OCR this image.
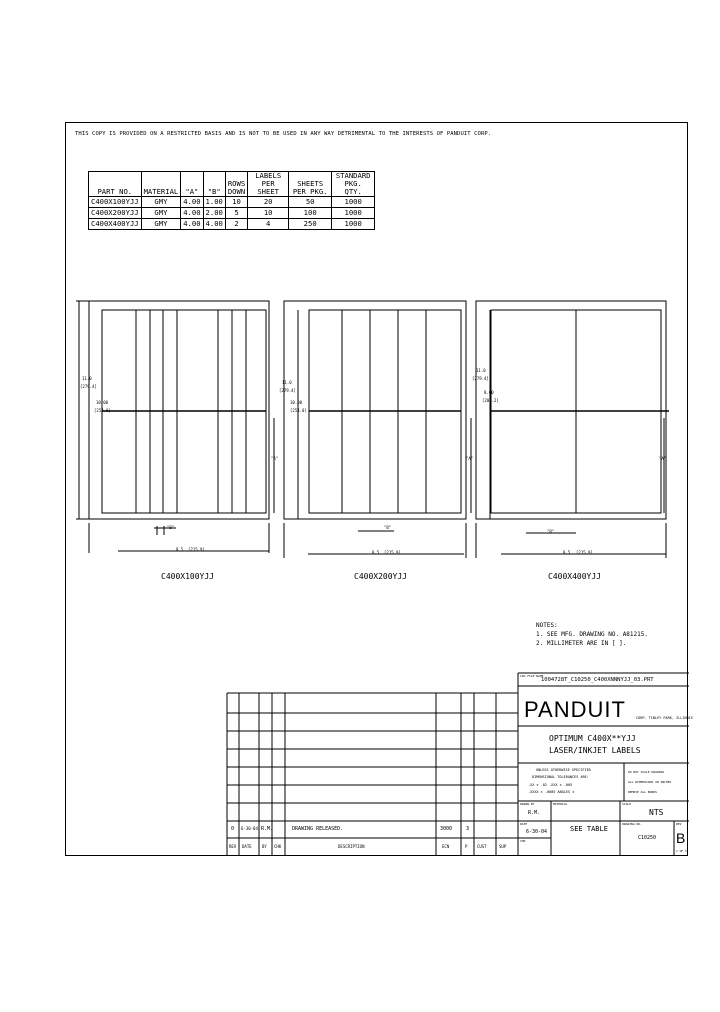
THIS COPY IS PROVIDED ON A RESTRICTED BASIS AND IS NOT TO BE USED IN ANY WAY DETRIMENTAL TO THE INTERESTS OF PANDUIT CORP.
PART NO.	MATERIAL	"A"	"B"	ROWS DOWN	LABELS PER SHEET	SHEETS PER PKG.	STANDARD PKG. QTY.
C400X100YJJ	GMY	4.00	1.00	10	20	50	1000
C400X200YJJ	GMY	4.00	2.00	5	10	100	1000
C400X400YJJ	GMY	4.00	4.00	2	4	250	1000
11.0
[279.4]
10.00
[254.0]
"A"
"B"
8.5 [215.9]
C400X100YJJ
11.0
[279.4]
10.00
[254.0]
"A"
"B"
8.5 [215.9]
C400X200YJJ
11.0
[279.4]
8.00
[203.2]
"A"
"B"
8.5 [215.9]
C400X400YJJ
NOTES:
1. SEE MFG. DRAWING NO. A81215.
2. MILLIMETER ARE IN [ ].
CAD FILE NAME
1004728T_C10250_C400XNNNYJJ_03.PRT
PANDUIT	CORP. TINLEY PARK, ILLINOIS
OPTIMUM C400X**YJJ
LASER/INKJET LABELS
UNLESS OTHERWISE SPECIFIED
DIMENSIONAL TOLERANCES ARE:
.XX ± .02 .XXX ± .005
.XXXX ± .0005 ANGLES ±
DO NOT SCALE DRAWING
ALL DIMENSIONS IN INCHES
REMOVE ALL BURRS
DRAWN BY
R.M.
MATERIAL	SCALE
NTS
DATE
6-30-04	SEE TABLE
CHK
DRAWING NO.
C10250
REV
B
1 OF 1
0 6-30-04 R.M.	DRAWING RELEASED.	3000	3
REV DATE	BY CHK	DESCRIPTION	ECN	P CUST	SUP
